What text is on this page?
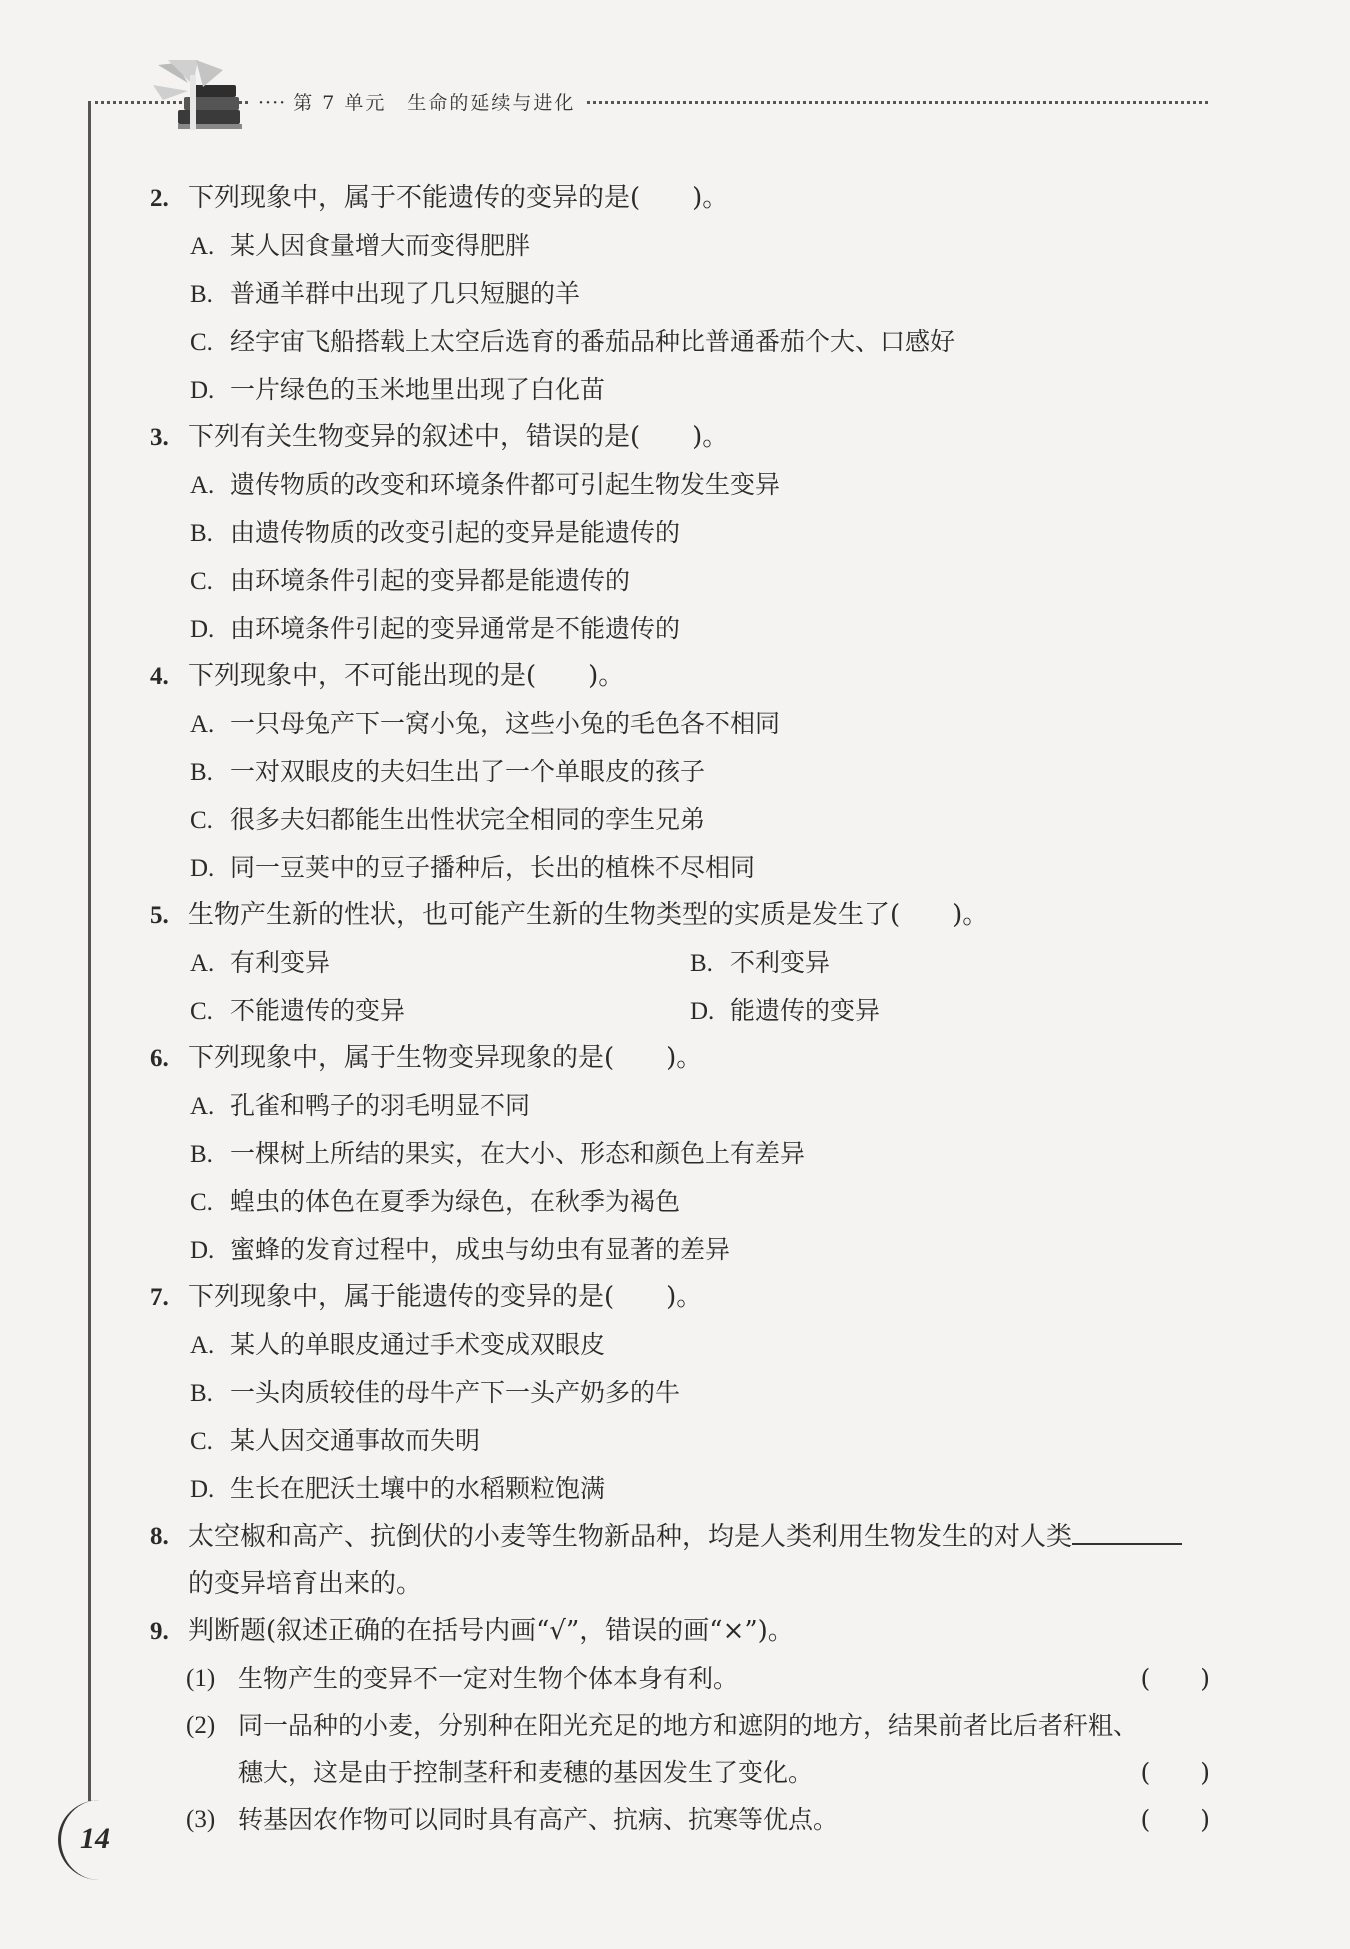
···· 第 7 单元　 生命的延续与进化
2. 下列现象中，属于不能遗传的变异的是(　　)。
A. 某人因食量增大而变得肥胖
B. 普通羊群中出现了几只短腿的羊
C. 经宇宙飞船搭载上太空后选育的番茄品种比普通番茄个大、口感好
D. 一片绿色的玉米地里出现了白化苗
3. 下列有关生物变异的叙述中，错误的是(　　)。
A. 遗传物质的改变和环境条件都可引起生物发生变异
B. 由遗传物质的改变引起的变异是能遗传的
C. 由环境条件引起的变异都是能遗传的
D. 由环境条件引起的变异通常是不能遗传的
4. 下列现象中，不可能出现的是(　　)。
A. 一只母兔产下一窝小兔，这些小兔的毛色各不相同
B. 一对双眼皮的夫妇生出了一个单眼皮的孩子
C. 很多夫妇都能生出性状完全相同的孪生兄弟
D. 同一豆荚中的豆子播种后，长出的植株不尽相同
5. 生物产生新的性状，也可能产生新的生物类型的实质是发生了(　　)。
A. 有利变异	B. 不利变异
C. 不能遗传的变异	D. 能遗传的变异
6. 下列现象中，属于生物变异现象的是(　　)。
A. 孔雀和鸭子的羽毛明显不同
B. 一棵树上所结的果实，在大小、形态和颜色上有差异
C. 蝗虫的体色在夏季为绿色，在秋季为褐色
D. 蜜蜂的发育过程中，成虫与幼虫有显著的差异
7. 下列现象中，属于能遗传的变异的是(　　)。
A. 某人的单眼皮通过手术变成双眼皮
B. 一头肉质较佳的母牛产下一头产奶多的牛
C. 某人因交通事故而失明
D. 生长在肥沃土壤中的水稻颗粒饱满
8. 太空椒和高产、抗倒伏的小麦等生物新品种，均是人类利用生物发生的对人类
的变异培育出来的。
9. 判断题(叙述正确的在括号内画“√”，错误的画“×”)。
(1) 生物产生的变异不一定对生物个体本身有利。	(　　)
(2) 同一品种的小麦，分别种在阳光充足的地方和遮阴的地方，结果前者比后者秆粗、
穗大，这是由于控制茎秆和麦穗的基因发生了变化。	(　　)
(3) 转基因农作物可以同时具有高产、抗病、抗寒等优点。	(　　)
14
